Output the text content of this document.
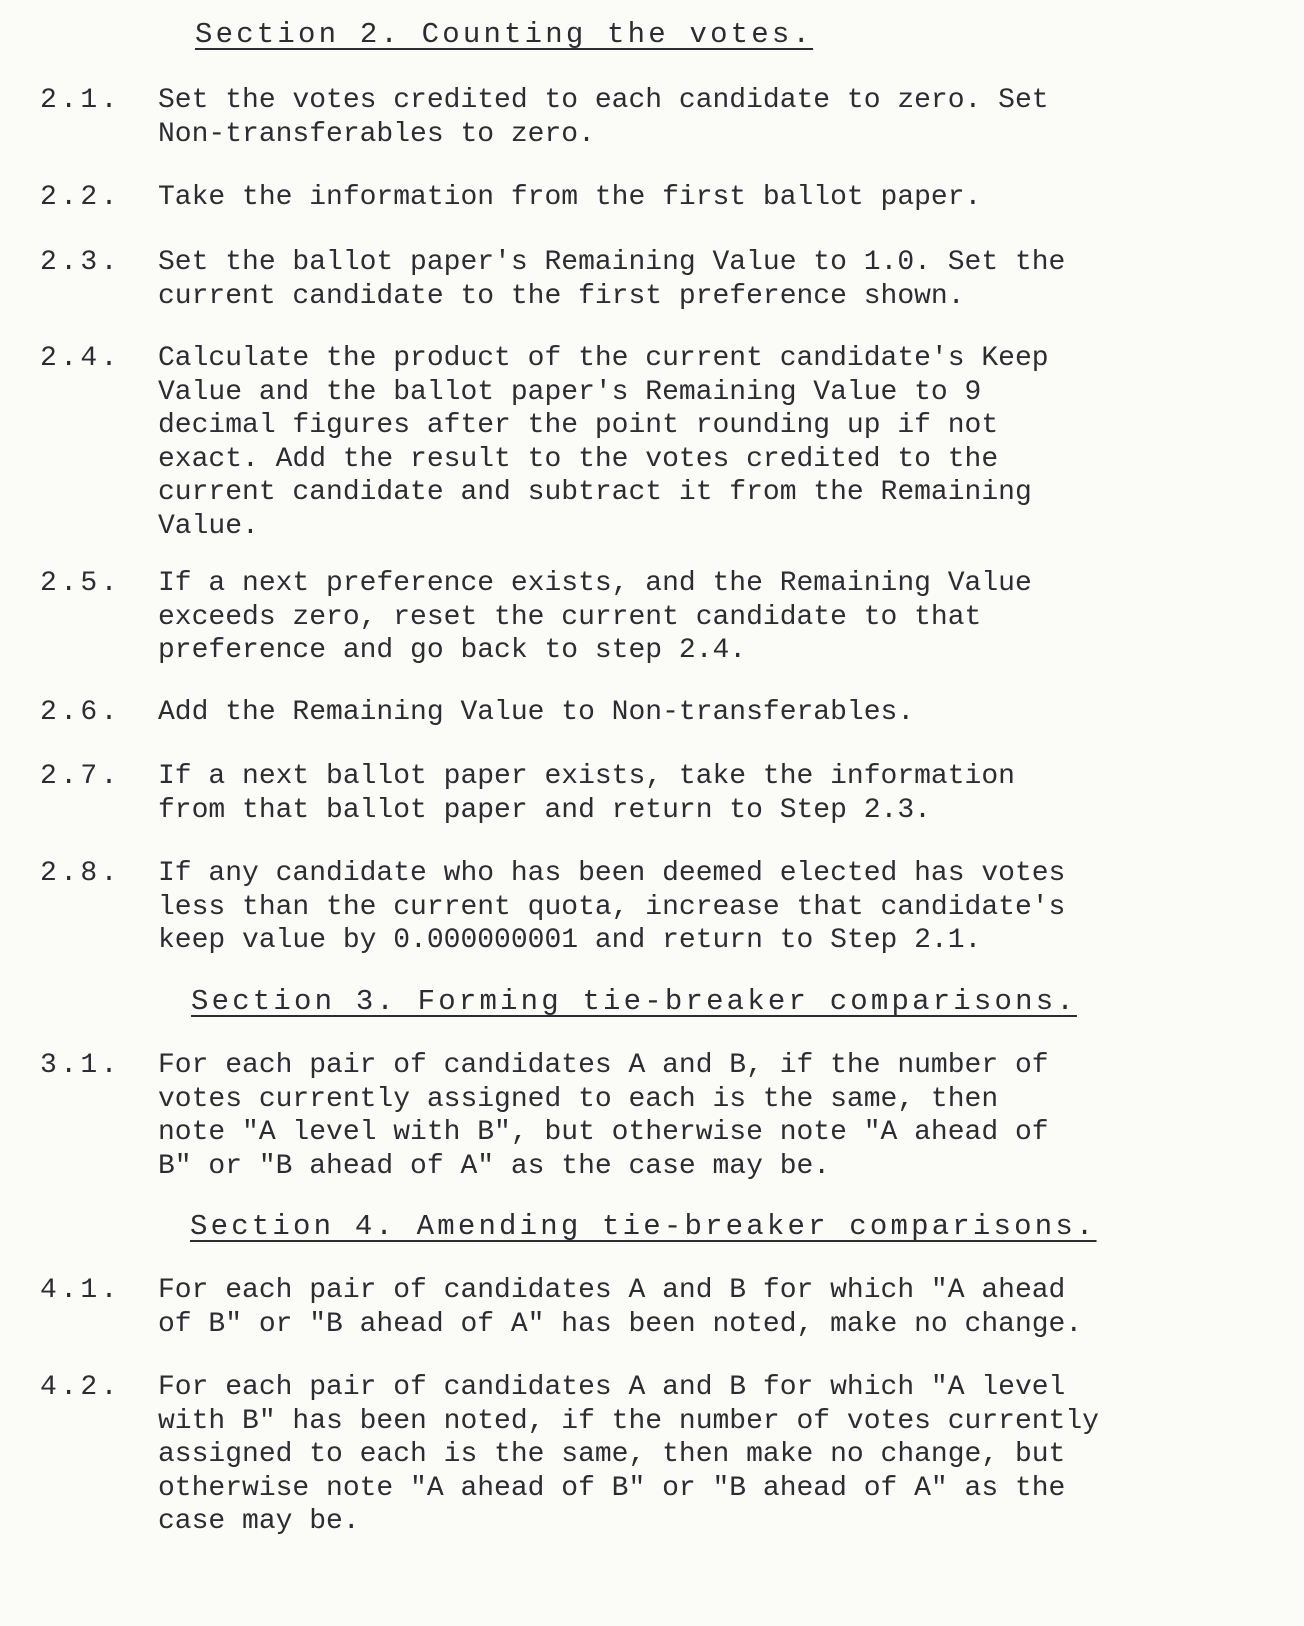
Section 2. Counting the votes.
2.1. Set the votes credited to each candidate to zero. Set
Non-transferables to zero.
2.2. Take the information from the first ballot paper.
2.3. Set the ballot paper's Remaining Value to 1.0. Set the
current candidate to the first preference shown.
2.4. Calculate the product of the current candidate's Keep
Value and the ballot paper's Remaining Value to 9
decimal figures after the point rounding up if not
exact. Add the result to the votes credited to the
current candidate and subtract it from the Remaining
Value.
2.5. If a next preference exists, and the Remaining Value
exceeds zero, reset the current candidate to that
preference and go back to step 2.4.
2.6. Add the Remaining Value to Non-transferables.
2.7. If a next ballot paper exists, take the information
from that ballot paper and return to Step 2.3.
2.8. If any candidate who has been deemed elected has votes
less than the current quota, increase that candidate's
keep value by 0.000000001 and return to Step 2.1.
Section 3. Forming tie-breaker comparisons.
3.1. For each pair of candidates A and B, if the number of
votes currently assigned to each is the same, then
note "A level with B", but otherwise note "A ahead of
B" or "B ahead of A" as the case may be.
Section 4. Amending tie-breaker comparisons.
4.1. For each pair of candidates A and B for which "A ahead
of B" or "B ahead of A" has been noted, make no change.
4.2. For each pair of candidates A and B for which "A level
with B" has been noted, if the number of votes currently
assigned to each is the same, then make no change, but
otherwise note "A ahead of B" or "B ahead of A" as the
case may be.
